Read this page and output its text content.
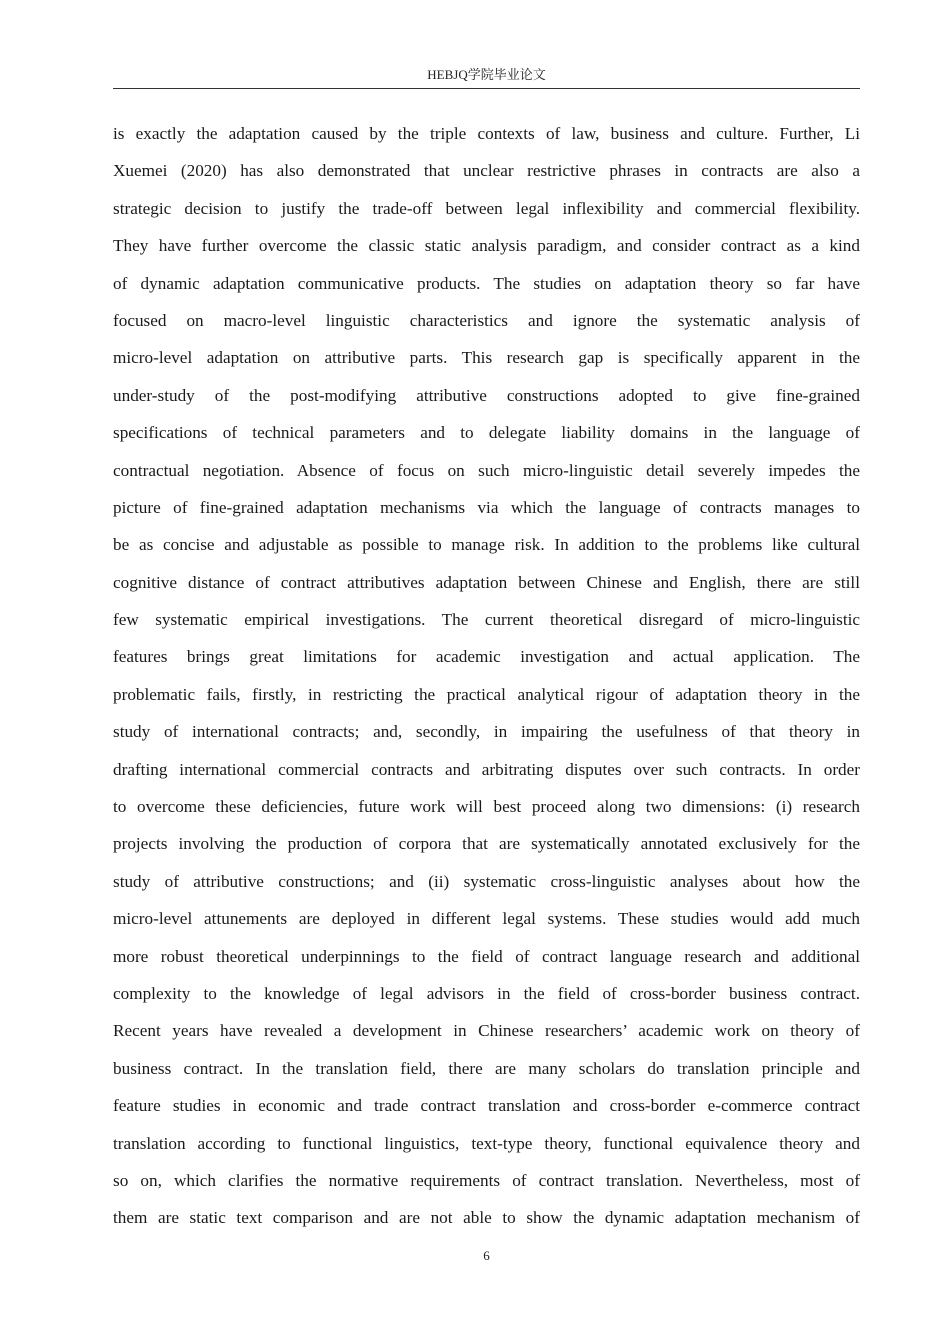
HEBJQ学院毕业论文
is exactly the adaptation caused by the triple contexts of law, business and culture. Further, Li
Xuemei (2020) has also demonstrated that unclear restrictive phrases in contracts are also a
strategic decision to justify the trade-off between legal inflexibility and commercial flexibility.
They have further overcome the classic static analysis paradigm, and consider contract as a kind
of dynamic adaptation communicative products. The studies on adaptation theory so far have
focused on macro-level linguistic characteristics and ignore the systematic analysis of
micro-level adaptation on attributive parts. This research gap is specifically apparent in the
under-study of the post-modifying attributive constructions adopted to give fine-grained
specifications of technical parameters and to delegate liability domains in the language of
contractual negotiation. Absence of focus on such micro-linguistic detail severely impedes the
picture of fine-grained adaptation mechanisms via which the language of contracts manages to
be as concise and adjustable as possible to manage risk. In addition to the problems like cultural
cognitive distance of contract attributives adaptation between Chinese and English, there are still
few systematic empirical investigations. The current theoretical disregard of micro-linguistic
features brings great limitations for academic investigation and actual application. The
problematic fails, firstly, in restricting the practical analytical rigour of adaptation theory in the
study of international contracts; and, secondly, in impairing the usefulness of that theory in
drafting international commercial contracts and arbitrating disputes over such contracts. In order
to overcome these deficiencies, future work will best proceed along two dimensions: (i) research
projects involving the production of corpora that are systematically annotated exclusively for the
study of attributive constructions; and (ii) systematic cross-linguistic analyses about how the
micro-level attunements are deployed in different legal systems. These studies would add much
more robust theoretical underpinnings to the field of contract language research and additional
complexity to the knowledge of legal advisors in the field of cross-border business contract.
Recent years have revealed a development in Chinese researchers’ academic work on theory of
business contract. In the translation field, there are many scholars do translation principle and
feature studies in economic and trade contract translation and cross-border e-commerce contract
translation according to functional linguistics, text-type theory, functional equivalence theory and
so on, which clarifies the normative requirements of contract translation. Nevertheless, most of
them are static text comparison and are not able to show the dynamic adaptation mechanism of
6
